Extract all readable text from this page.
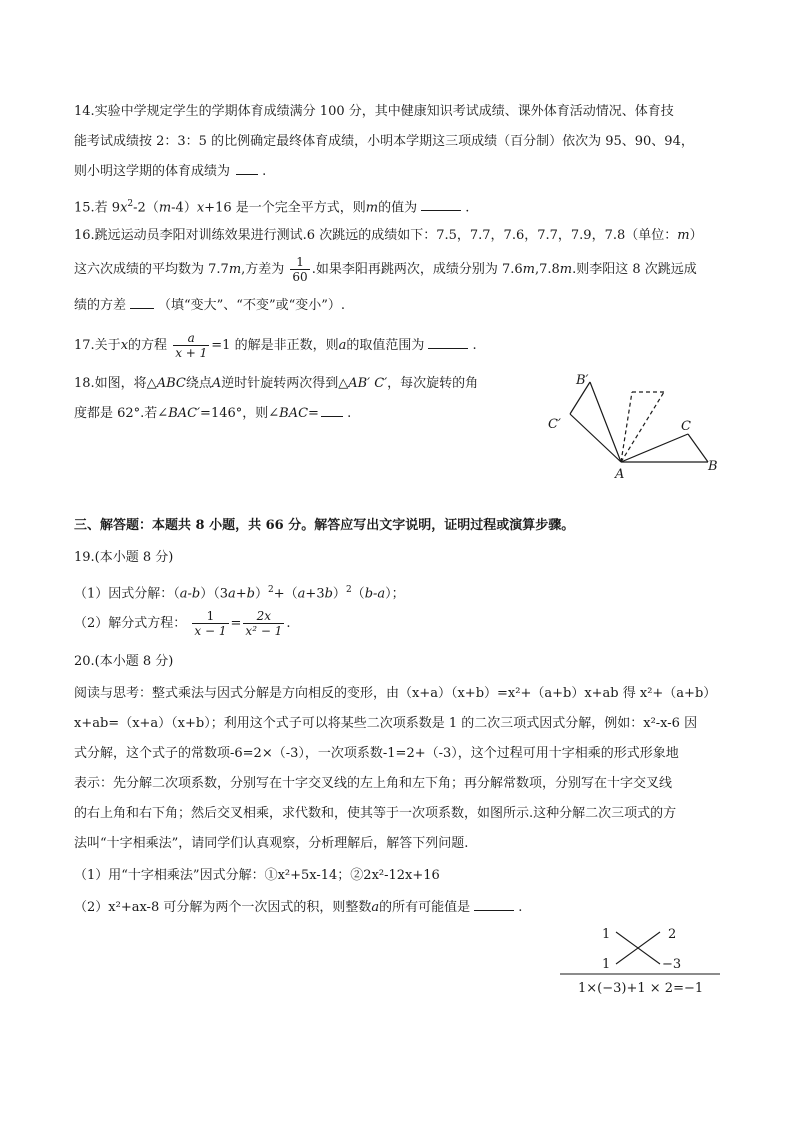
14.实验中学规定学生的学期体育成绩满分 100 分，其中健康知识考试成绩、课外体育活动情况、体育技
能考试成绩按 2：3：5 的比例确定最终体育成绩，小明本学期这三项成绩（百分制）依次为 95、90、94，
则小明这学期的体育成绩为 .
15.若 $9x^2-2(m-4)x+16$ 是一个完全平方式，则m的值为	.
16.跳远运动员李阳对训练效果进行测试.6 次跳远的成绩如下：7.5，7.7，7.6，7.7，7.9，7.8（单位：m）
这六次成绩的平均数为 7.7m,方差为 $\frac{1}{60}$ .如果李阳再跳两次，成绩分别为 7.6m,7.8m.则李阳这 8 次跳远成
绩的方差 （填“变大”、“不变”或“变小”）.
17.关于x的方程 $\frac{a}{x + 1} =1$ 的解是非正数，则a的取值范围为	.
18.如图，将△ABC绕点A逆时针旋转两次得到△AB′ C′，每次旋转的角
度都是 62°.若∠BAC′=146°，则∠BAC= .
三、解答题：本题共 8 小题，共 66 分。解答应写出文字说明，证明过程或演算步骤。
19.(本小题 8 分)
（1）因式分解：$(a-b)(3a+b)^2+(a+3b)^2(b-a)$；
（2）解分式方程： $\frac{1}{x - 1} = \frac{2x}{\text{x² − 1}}$ .
20.(本小题 8 分)
阅读与思考：整式乘法与因式分解是方向相反的变形，由（x+a）（x+b）=x²+（a+b）x+ab 得 x²+（a+b）
x+ab=（x+a）（x+b）；利用这个式子可以将某些二次项系数是 1 的二次三项式因式分解，例如：x²-x-6 因
式分解，这个式子的常数项-6=2×（-3），一次项系数-1=2+（-3），这个过程可用十字相乘的形式形象地
表示：先分解二次项系数，分别写在十字交叉线的左上角和左下角；再分解常数项，分别写在十字交叉线
的右上角和右下角；然后交叉相乘，求代数和，使其等于一次项系数，如图所示.这种分解二次三项式的方
法叫“十字相乘法”，请同学们认真观察，分析理解后，解答下列问题.
（1）用“十字相乘法”因式分解：①x²+5x-14；②2x²-12x+16
（2）x²+ax-8 可分解为两个一次因式的积，则整数a的所有可能值是	.
B′
C′	C
A
B
1	2
1	−3
1×(−3)+1 × 2=−1
